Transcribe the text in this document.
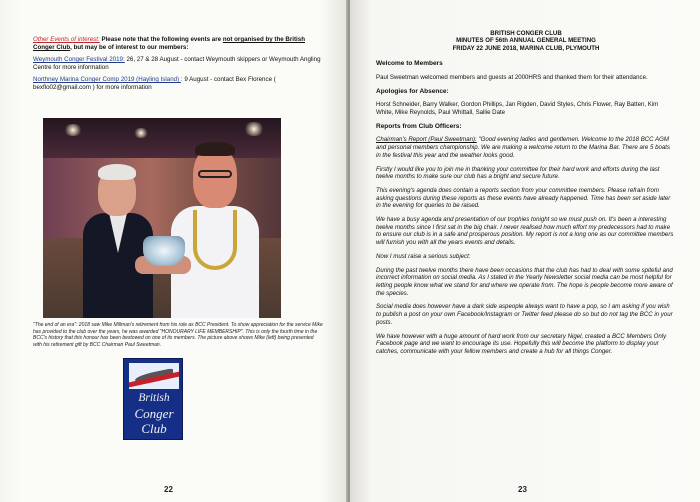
Other Events of interest: Please note that the following events are not organised by the British Conger Club, but may be of interest to our members:

Weymouth Conger Festival 2019: 26, 27 & 28 August - contact Weymouth skippers or Weymouth Angling Centre for more information

Northney Marina Conger Comp 2019 (Hayling Island) : 9 August - contact Bex Florence ( bexflo02@gmail.com ) for more information

"The end of an era": 2018 saw Mike Millman's retirement from his role as BCC President. To show appreciation for the service Mike has provided to the club over the years, he was awarded "HONOURARY LIFE MEMBERSHIP". This is only the fourth time in the BCC's history that this honour has been bestowed on one of its members. The picture above shows Mike (left) being presented with his retirement gift by BCC Chairman Paul Sweetman.
British
Conger
Club
22
BRITISH CONGER CLUB
MINUTES OF 56th ANNUAL GENERAL MEETING
FRIDAY 22 JUNE 2018, MARINA CLUB, PLYMOUTH
Welcome to Members

Paul Sweetman welcomed members and guests at 2000HRS and thanked them for their attendance.

Apologies for Absence:

Horst Schneider, Barry Walker, Gordon Phillips, Jan Rigden, David Styles, Chris Flower, Ray Batten, Kim White, Mike Reynolds, Paul Whittall, Sallie Date

Reports from Club Officers:

Chairman's Report (Paul Sweetman): "Good evening ladies and gentlemen. Welcome to the 2018 BCC AGM and personal members championship. We are making a welcome return to the Marina Bar. There are 5 boats in the festival this year and the weather looks good.

Firstly I would like you to join me in thanking your committee for their hard work and efforts during the last twelve months to make sure our club has a bright and secure future.

This evening's agenda does contain a reports section from your committee members. Please refrain from asking questions during these reports as these events have already happened. Time has been set aside later in the evening for queries to be raised.

We have a busy agenda and presentation of our trophies tonight so we must push on. It's been a interesting twelve months since I first sat in the big chair. I never realised how much effort my predecessors had to make to ensure our club is in a safe and prosperous position. My report is not a long one as our committee members will furnish you with all the years events and details.

Now I must raise a serious subject:

During the past twelve months there have been occasions that the club has had to deal with some spiteful and incorrect information on social media. As I stated in the Yearly Newsletter social media can be most helpful for letting people know what we stand for and where we operate from. The hope is people become more aware of the species.

Social media does however have a dark side aspeople always want to have a pop, so I am asking if you wish to publish a post on your own Facebook/Instagram or Twitter feed please do so but do not tag the BCC in your posts.

We have however with a huge amount of hard work from our secretary Nigel, created a BCC Members Only Facebook page and we want to encourage its use. Hopefully this will become the platform to display your catches, communicate with your fellow members and create a hub for all things Conger.

23
